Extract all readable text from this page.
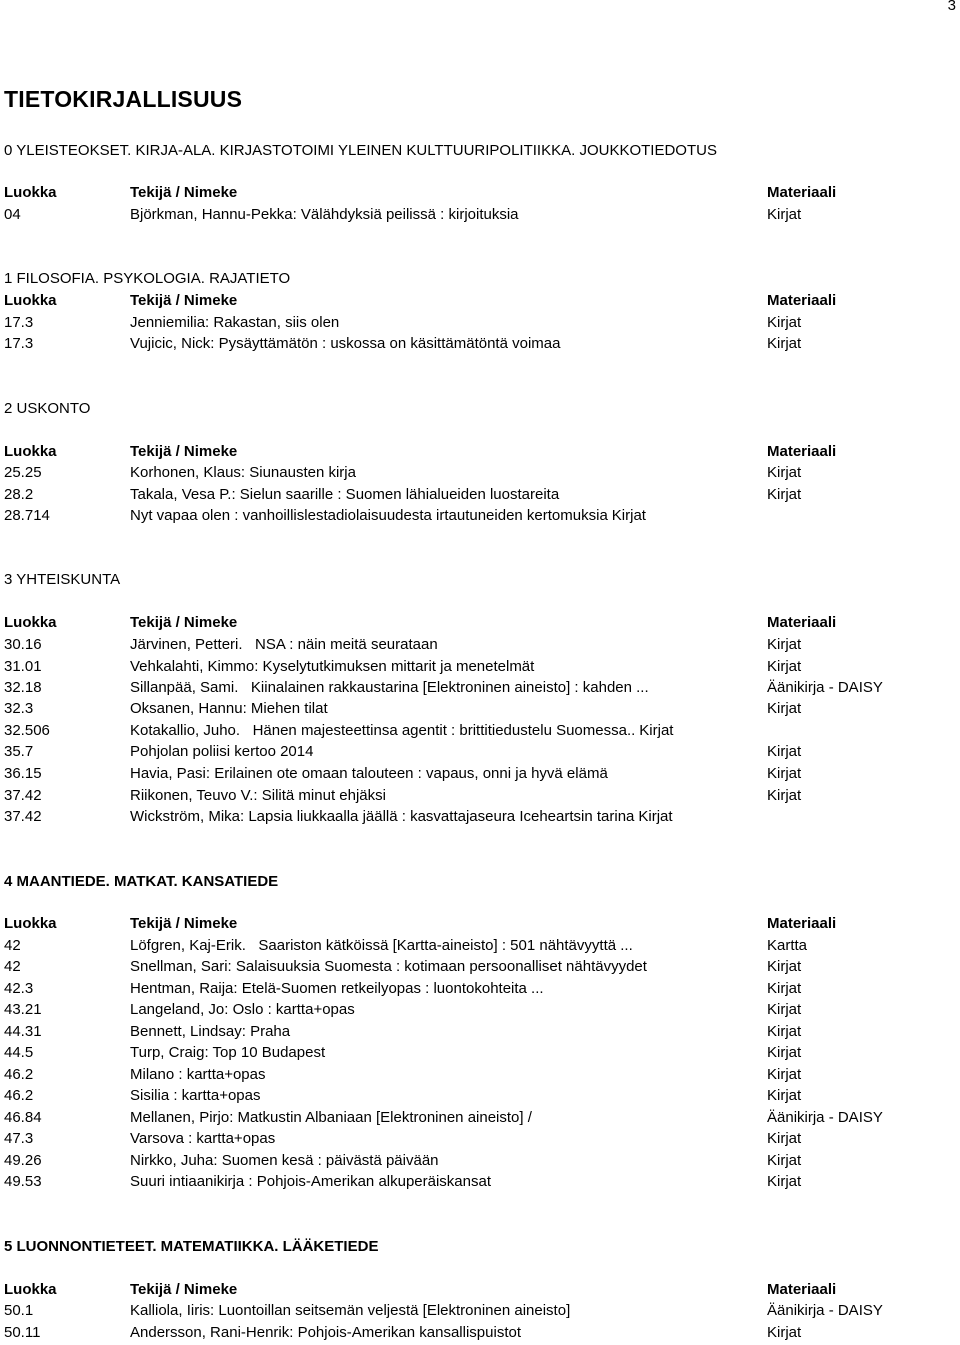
3
TIETOKIRJALLISUUS
0 YLEISTEOKSET. KIRJA-ALA. KIRJASTOTOIMI YLEINEN KULTTUURIPOLITIIKKA. JOUKKOTIEDOTUS
Luokka	Tekijä / Nimeke	Materiaali
04	Björkman, Hannu-Pekka: Välähdyksiä peilissä : kirjoituksia	Kirjat
1 FILOSOFIA. PSYKOLOGIA. RAJATIETO
Luokka	Tekijä / Nimeke	Materiaali
17.3	Jenniemilia: Rakastan, siis olen	Kirjat
17.3	Vujicic, Nick: Pysäyttämätön : uskossa on käsittämätöntä voimaa	Kirjat
2 USKONTO
Luokka	Tekijä / Nimeke	Materiaali
25.25	Korhonen, Klaus: Siunausten kirja	Kirjat
28.2	Takala, Vesa P.: Sielun saarille : Suomen lähialueiden luostareita	Kirjat
28.714	Nyt vapaa olen : vanhoillislestadiolaisuudesta irtautuneiden kertomuksia Kirjat
3 YHTEISKUNTA
Luokka	Tekijä / Nimeke	Materiaali
30.16	Järvinen, Petteri.   NSA : näin meitä seurataan	Kirjat
31.01	Vehkalahti, Kimmo: Kyselytutkimuksen mittarit ja menetelmät	Kirjat
32.18	Sillanpää, Sami.   Kiinalainen rakkaustarina [Elektroninen aineisto] : kahden ...	Äänikirja - DAISY
32.3	Oksanen, Hannu: Miehen tilat	Kirjat
32.506	Kotakallio, Juho.   Hänen majesteettinsa agentit : brittitiedustelu Suomessa.. Kirjat
35.7	Pohjolan poliisi kertoo 2014	Kirjat
36.15	Havia, Pasi: Erilainen ote omaan talouteen : vapaus, onni ja hyvä elämä	Kirjat
37.42	Riikonen, Teuvo V.: Silitä minut ehjäksi	Kirjat
37.42	Wickström, Mika: Lapsia liukkaalla jäällä : kasvattajaseura Iceheartsin tarina Kirjat
4 MAANTIEDE. MATKAT. KANSATIEDE
Luokka	Tekijä / Nimeke	Materiaali
42	Löfgren, Kaj-Erik.   Saariston kätköissä [Kartta-aineisto] : 501 nähtävyyttä ...	Kartta
42	Snellman, Sari: Salaisuuksia Suomesta : kotimaan persoonalliset nähtävyydet	Kirjat
42.3	Hentman, Raija: Etelä-Suomen retkeilyopas : luontokohteita ...	Kirjat
43.21	Langeland, Jo: Oslo : kartta+opas	Kirjat
44.31	Bennett, Lindsay: Praha	Kirjat
44.5	Turp, Craig: Top 10 Budapest	Kirjat
46.2	Milano : kartta+opas	Kirjat
46.2	Sisilia : kartta+opas	Kirjat
46.84	Mellanen, Pirjo: Matkustin Albaniaan [Elektroninen aineisto] /	Äänikirja - DAISY
47.3	Varsova : kartta+opas	Kirjat
49.26	Nirkko, Juha: Suomen kesä : päivästä päivään	Kirjat
49.53	Suuri intiaanikirja : Pohjois-Amerikan alkuperäiskansat	Kirjat
5 LUONNONTIETEET. MATEMATIIKKA. LÄÄKETIEDE
Luokka	Tekijä / Nimeke	Materiaali
50.1	Kalliola, Iiris: Luontoillan seitsemän veljestä [Elektroninen aineisto]	Äänikirja - DAISY
50.11	Andersson, Rani-Henrik: Pohjois-Amerikan kansallispuistot	Kirjat
